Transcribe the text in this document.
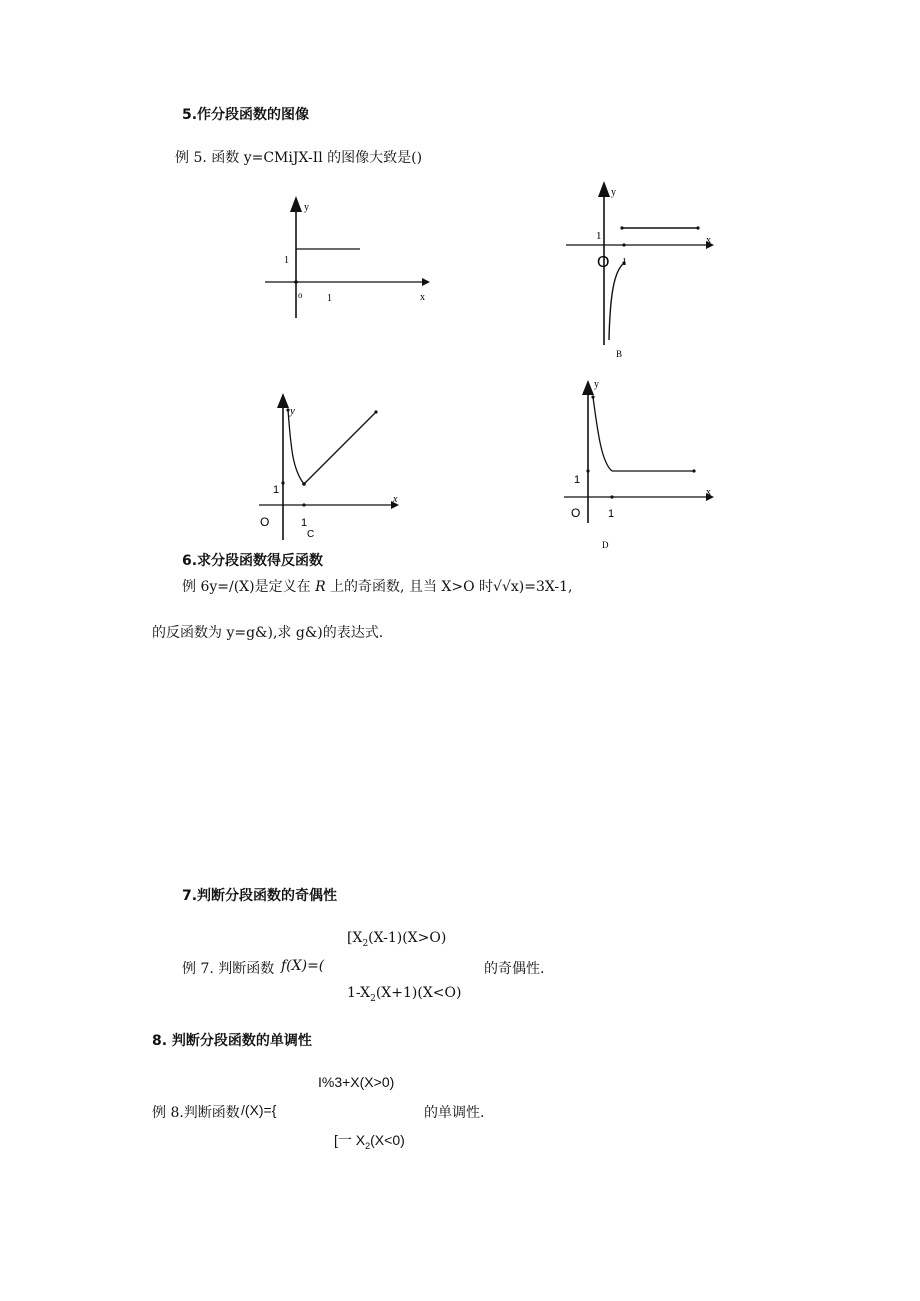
5.作分段函数的图像
例 5. 函数 y=CMiJX-Il 的图像大致是()
y
x
1
o 1
y
x
1
O 1
B
y
x
1
O	1
C
y
x
1
O	1
D
6.求分段函数得反函数
例 6y=/(X)是定义在 R 上的奇函数, 且当 X>O 时√√x)=3X-1,
的反函数为 y=g&),求 g&)的表达式.
7.判断分段函数的奇偶性
[$X_2(X-1)(X>O)$
例 7. 判断函数 f(X)=(	的奇偶性.
$1-X_2(X+1)(X<O)$
8. 判断分段函数的单调性
I%3+X(X>0)
例 8.判断函数 /(X)={	的单调性.
[一 $X_2(X<0)$
